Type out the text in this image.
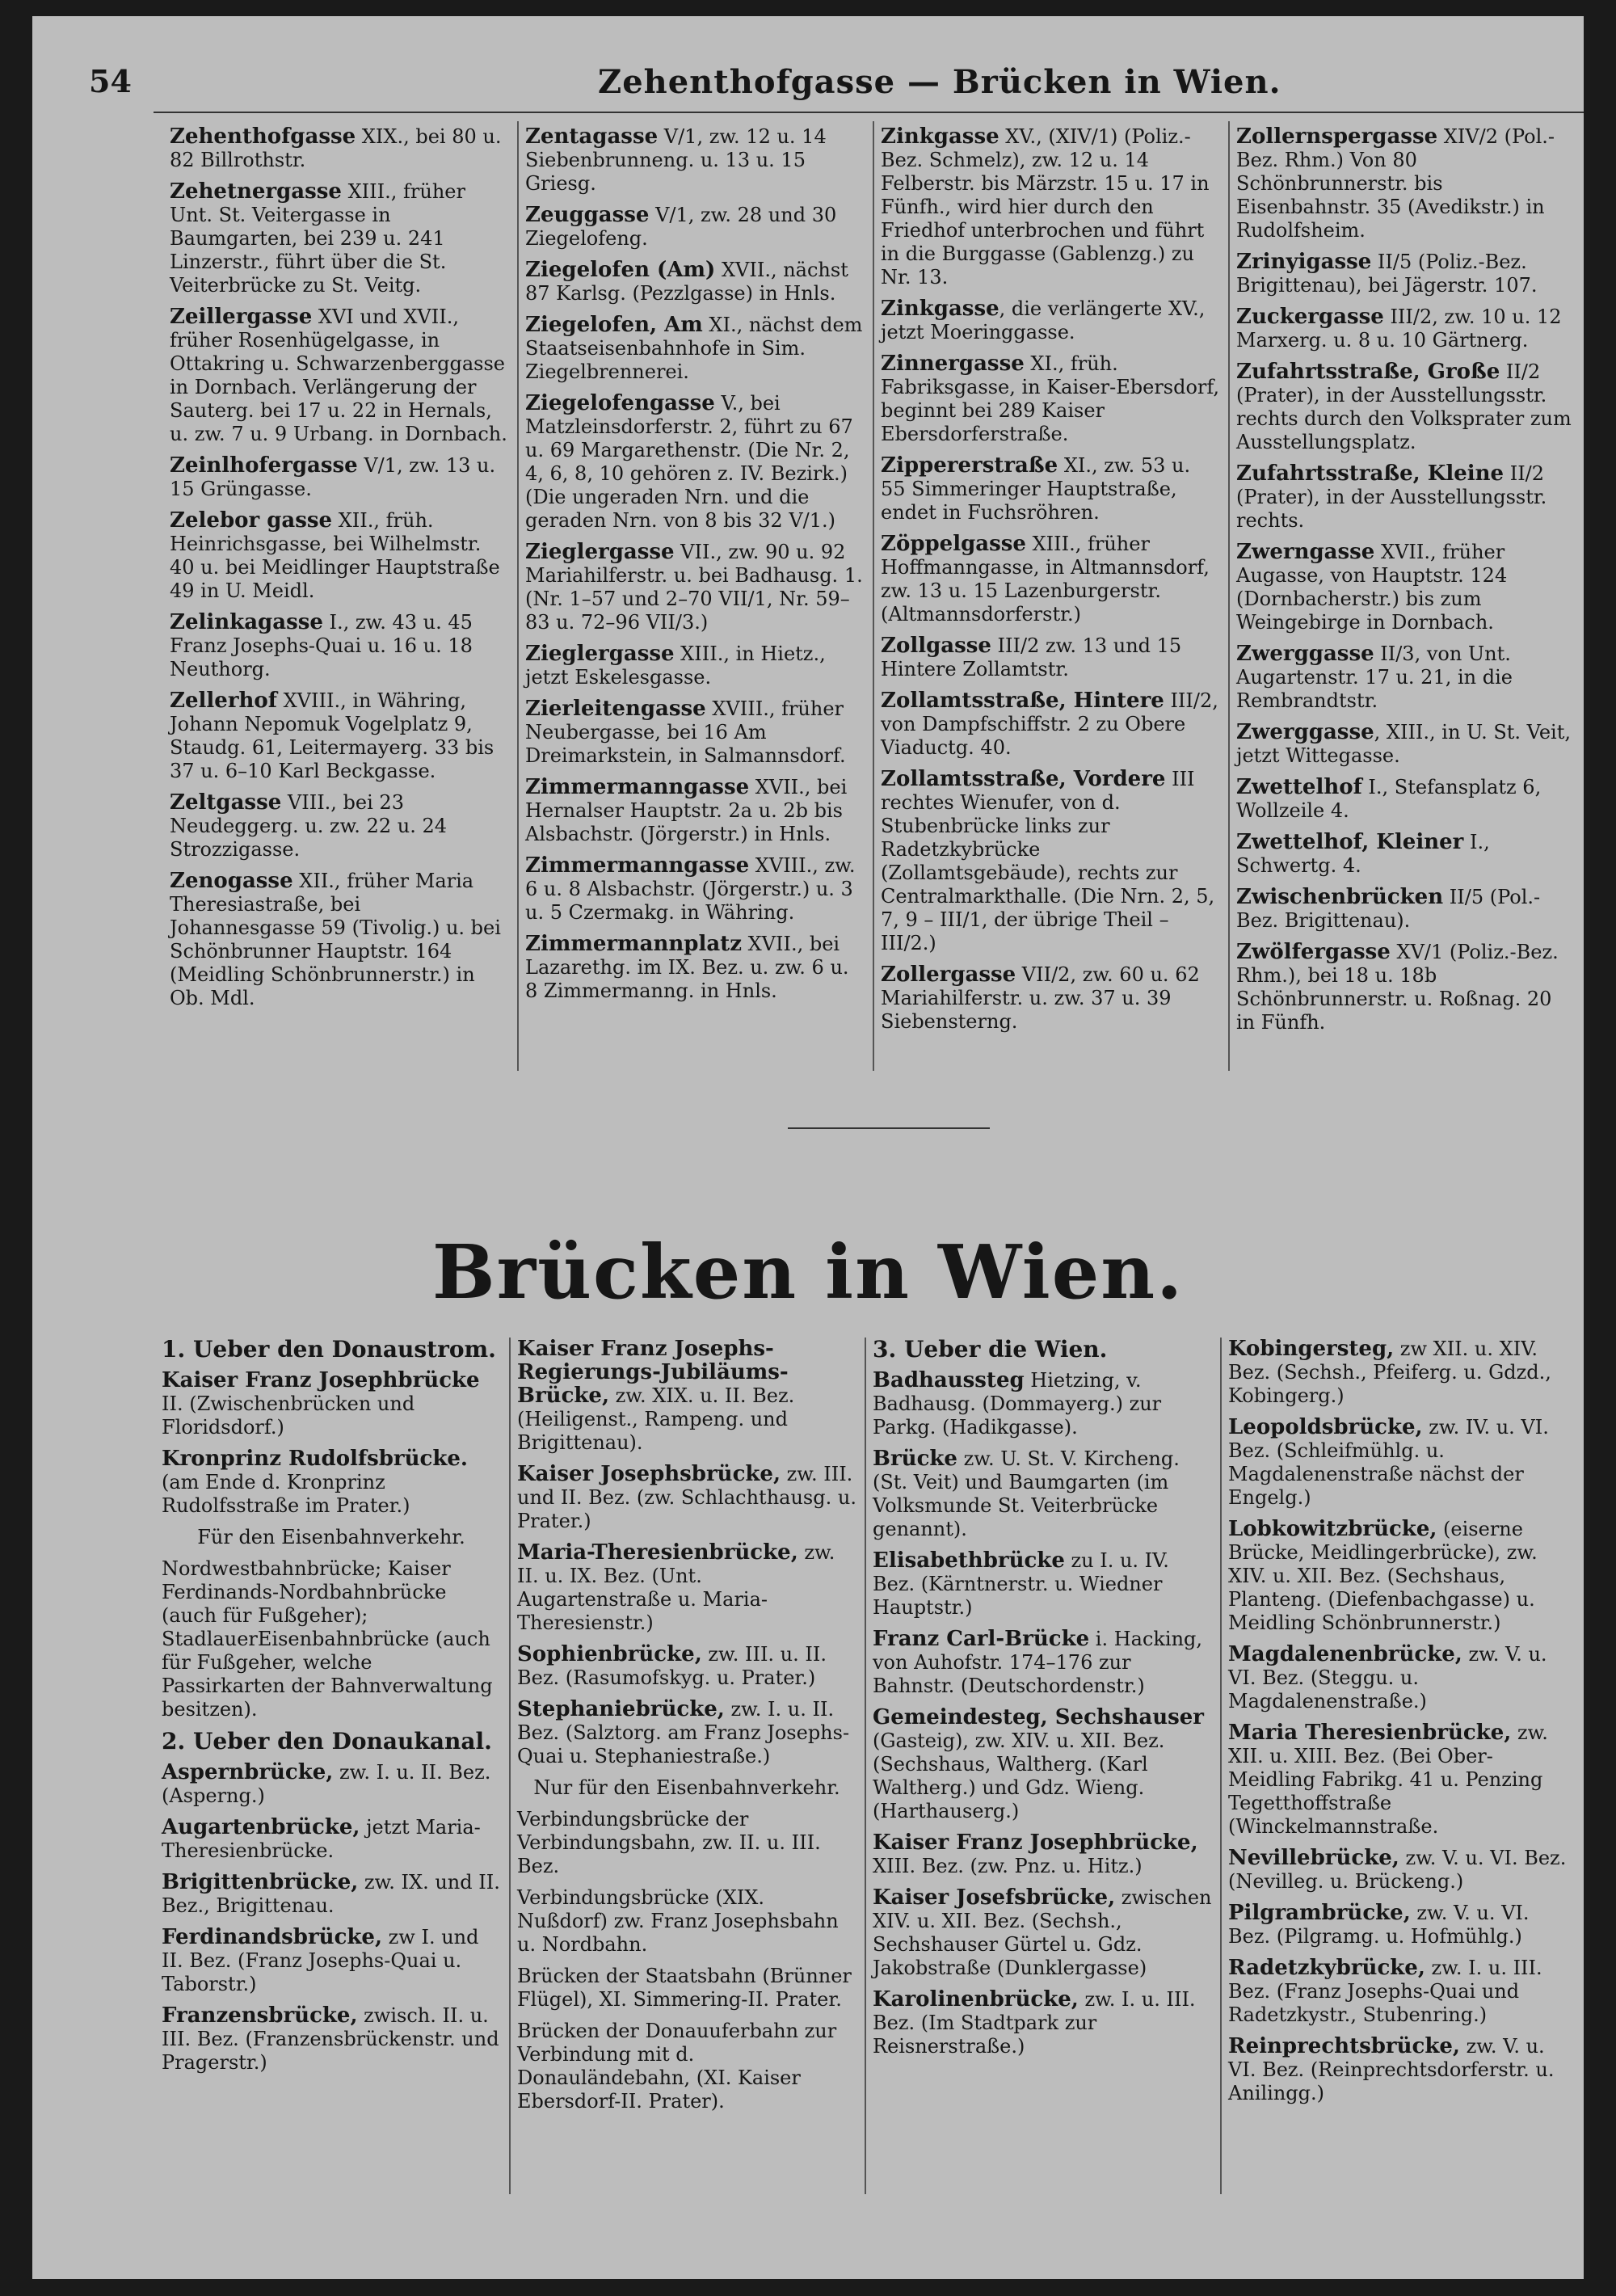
54	Zehenthofgasse — Brücken in Wien.
Zehenthofgasse XIX., bei 80 u. 82 Billrothstr.
Zehetnergasse XIII., früher Unt. St. Veitergasse in Baumgarten, bei 239 u. 241 Linzerstr., führt über die St. Veiterbrücke zu St. Veitg.
Zeillergasse XVI und XVII., früher Rosenhügelgasse, in Ottakring u. Schwarzenberggasse in Dornbach. Verlängerung der Sauterg. bei 17 u. 22 in Hernals, u. zw. 7 u. 9 Urbang. in Dornbach.
Zeinlhofergasse V/1, zw. 13 u. 15 Grüngasse.
Zelebor gasse XII., früh. Heinrichsgasse, bei Wilhelmstr. 40 u. bei Meidlinger Hauptstraße 49 in U. Meidl.
Zelinkagasse I., zw. 43 u. 45 Franz Josephs-Quai u. 16 u. 18 Neuthorg.
Zellerhof XVIII., in Währing, Johann Nepomuk Vogelplatz 9, Staudg. 61, Leitermayerg. 33 bis 37 u. 6–10 Karl Beckgasse.
Zeltgasse VIII., bei 23 Neudeggerg. u. zw. 22 u. 24 Strozzigasse.
Zenogasse XII., früher Maria Theresiastraße, bei Johannesgasse 59 (Tivolig.) u. bei Schönbrunner Hauptstr. 164 (Meidling Schönbrunnerstr.) in Ob. Mdl.
Zentagasse V/1, zw. 12 u. 14 Siebenbrunneng. u. 13 u. 15 Griesg.
Zeuggasse V/1, zw. 28 und 30 Ziegelofeng.
Ziegelofen (Am) XVII., nächst 87 Karlsg. (Pezzlgasse) in Hnls.
Ziegelofen, Am XI., nächst dem Staatseisenbahnhofe in Sim. Ziegelbrennerei.
Ziegelofengasse V., bei Matzleinsdorferstr. 2, führt zu 67 u. 69 Margarethenstr. (Die Nr. 2, 4, 6, 8, 10 gehören z. IV. Bezirk.) (Die ungeraden Nrn. und die geraden Nrn. von 8 bis 32 V/1.)
Zieglergasse VII., zw. 90 u. 92 Mariahilferstr. u. bei Badhausg. 1. (Nr. 1–57 und 2–70 VII/1, Nr. 59–83 u. 72–96 VII/3.)
Zieglergasse XIII., in Hietz., jetzt Eskelesgasse.
Zierleitengasse XVIII., früher Neubergasse, bei 16 Am Dreimarkstein, in Salmannsdorf.
Zimmermanngasse XVII., bei Hernalser Hauptstr. 2a u. 2b bis Alsbachstr. (Jörgerstr.) in Hnls.
Zimmermanngasse XVIII., zw. 6 u. 8 Alsbachstr. (Jörgerstr.) u. 3 u. 5 Czermakg. in Währing.
Zimmermannplatz XVII., bei Lazarethg. im IX. Bez. u. zw. 6 u. 8 Zimmermanng. in Hnls.
Zinkgasse XV., (XIV/1) (Poliz.-Bez. Schmelz), zw. 12 u. 14 Felberstr. bis Märzstr. 15 u. 17 in Fünfh., wird hier durch den Friedhof unterbrochen und führt in die Burggasse (Gablenzg.) zu Nr. 13.
Zinkgasse, die verlängerte XV., jetzt Moeringgasse.
Zinnergasse XI., früh. Fabriksgasse, in Kaiser-Ebersdorf, beginnt bei 289 Kaiser Ebersdorferstraße.
Zippererstraße XI., zw. 53 u. 55 Simmeringer Hauptstraße, endet in Fuchsröhren.
Zöppelgasse XIII., früher Hoffmanngasse, in Altmannsdorf, zw. 13 u. 15 Lazenburgerstr. (Altmannsdorferstr.)
Zollgasse III/2 zw. 13 und 15 Hintere Zollamtstr.
Zollamtsstraße, Hintere III/2, von Dampfschiffstr. 2 zu Obere Viaductg. 40.
Zollamtsstraße, Vordere III rechtes Wienufer, von d. Stubenbrücke links zur Radetzkybrücke (Zollamtsgebäude), rechts zur Centralmarkthalle. (Die Nrn. 2, 5, 7, 9 – III/1, der übrige Theil – III/2.)
Zollergasse VII/2, zw. 60 u. 62 Mariahilferstr. u. zw. 37 u. 39 Siebensterng.
Zollernspergasse XIV/2 (Pol.-Bez. Rhm.) Von 80 Schönbrunnerstr. bis Eisenbahnstr. 35 (Avedikstr.) in Rudolfsheim.
Zrinyigasse II/5 (Poliz.-Bez. Brigittenau), bei Jägerstr. 107.
Zuckergasse III/2, zw. 10 u. 12 Marxerg. u. 8 u. 10 Gärtnerg.
Zufahrtsstraße, Große II/2 (Prater), in der Ausstellungsstr. rechts durch den Volksprater zum Ausstellungsplatz.
Zufahrtsstraße, Kleine II/2 (Prater), in der Ausstellungsstr. rechts.
Zwerngasse XVII., früher Augasse, von Hauptstr. 124 (Dornbacherstr.) bis zum Weingebirge in Dornbach.
Zwerggasse II/3, von Unt. Augartenstr. 17 u. 21, in die Rembrandtstr.
Zwerggasse, XIII., in U. St. Veit, jetzt Wittegasse.
Zwettelhof I., Stefansplatz 6, Wollzeile 4.
Zwettelhof, Kleiner I., Schwertg. 4.
Zwischenbrücken II/5 (Pol.-Bez. Brigittenau).
Zwölfergasse XV/1 (Poliz.-Bez. Rhm.), bei 18 u. 18b Schönbrunnerstr. u. Roßnag. 20 in Fünfh.
Brücken in Wien.
1. Ueber den Donaustrom.
Kaiser Franz Josephbrücke II. (Zwischenbrücken und Floridsdorf.)
Kronprinz Rudolfsbrücke. (am Ende d. Kronprinz Rudolfsstraße im Prater.)
Für den Eisenbahnverkehr.
Nordwestbahnbrücke; Kaiser Ferdinands-Nordbahnbrücke (auch für Fußgeher); StadlauerEisenbahnbrücke (auch für Fußgeher, welche Passirkarten der Bahnverwaltung besitzen).
2. Ueber den Donaukanal.
Aspernbrücke, zw. I. u. II. Bez. (Asperng.)
Augartenbrücke, jetzt Maria-Theresienbrücke.
Brigittenbrücke, zw. IX. und II. Bez., Brigittenau.
Ferdinandsbrücke, zw I. und II. Bez. (Franz Josephs-Quai u. Taborstr.)
Franzensbrücke, zwisch. II. u. III. Bez. (Franzensbrückenstr. und Pragerstr.)
Kaiser Franz Josephs-Regierungs-Jubiläums-Brücke, zw. XIX. u. II. Bez. (Heiligenst., Rampeng. und Brigittenau).
Kaiser Josephsbrücke, zw. III. und II. Bez. (zw. Schlachthausg. u. Prater.)
Maria-Theresienbrücke, zw. II. u. IX. Bez. (Unt. Augartenstraße u. Maria-Theresienstr.)
Sophienbrücke, zw. III. u. II. Bez. (Rasumofskyg. u. Prater.)
Stephaniebrücke, zw. I. u. II. Bez. (Salztorg. am Franz Josephs-Quai u. Stephaniestraße.)
Nur für den Eisenbahnverkehr.
Verbindungsbrücke der Verbindungsbahn, zw. II. u. III. Bez.
Verbindungsbrücke (XIX. Nußdorf) zw. Franz Josephsbahn u. Nordbahn.
Brücken der Staatsbahn (Brünner Flügel), XI. Simmering-II. Prater.
Brücken der Donauuferbahn zur Verbindung mit d. Donauländebahn, (XI. Kaiser Ebersdorf-II. Prater).
3. Ueber die Wien.
Badhaussteg Hietzing, v. Badhausg. (Dommayerg.) zur Parkg. (Hadikgasse).
Brücke zw. U. St. V. Kircheng. (St. Veit) und Baumgarten (im Volksmunde St. Veiterbrücke genannt).
Elisabethbrücke zu I. u. IV. Bez. (Kärntnerstr. u. Wiedner Hauptstr.)
Franz Carl-Brücke i. Hacking, von Auhofstr. 174–176 zur Bahnstr. (Deutschordenstr.)
Gemeindesteg, Sechshauser (Gasteig), zw. XIV. u. XII. Bez. (Sechshaus, Waltherg. (Karl Waltherg.) und Gdz. Wieng. (Harthauserg.)
Kaiser Franz Josephbrücke, XIII. Bez. (zw. Pnz. u. Hitz.)
Kaiser Josefsbrücke, zwischen XIV. u. XII. Bez. (Sechsh., Sechshauser Gürtel u. Gdz. Jakobstraße (Dunklergasse)
Karolinenbrücke, zw. I. u. III. Bez. (Im Stadtpark zur Reisnerstraße.)
Kobingersteg, zw XII. u. XIV. Bez. (Sechsh., Pfeiferg. u. Gdzd., Kobingerg.)
Leopoldsbrücke, zw. IV. u. VI. Bez. (Schleifmühlg. u. Magdalenenstraße nächst der Engelg.)
Lobkowitzbrücke, (eiserne Brücke, Meidlingerbrücke), zw. XIV. u. XII. Bez. (Sechshaus, Planteng. (Diefenbachgasse) u. Meidling Schönbrunnerstr.)
Magdalenenbrücke, zw. V. u. VI. Bez. (Steggu. u. Magdalenenstraße.)
Maria Theresienbrücke, zw. XII. u. XIII. Bez. (Bei Ober-Meidling Fabrikg. 41 u. Penzing Tegetthoffstraße (Winckelmannstraße.
Nevillebrücke, zw. V. u. VI. Bez. (Nevilleg. u. Brückeng.)
Pilgrambrücke, zw. V. u. VI. Bez. (Pilgramg. u. Hofmühlg.)
Radetzkybrücke, zw. I. u. III. Bez. (Franz Josephs-Quai und Radetzkystr., Stubenring.)
Reinprechtsbrücke, zw. V. u. VI. Bez. (Reinprechtsdorferstr. u. Anilingg.)
